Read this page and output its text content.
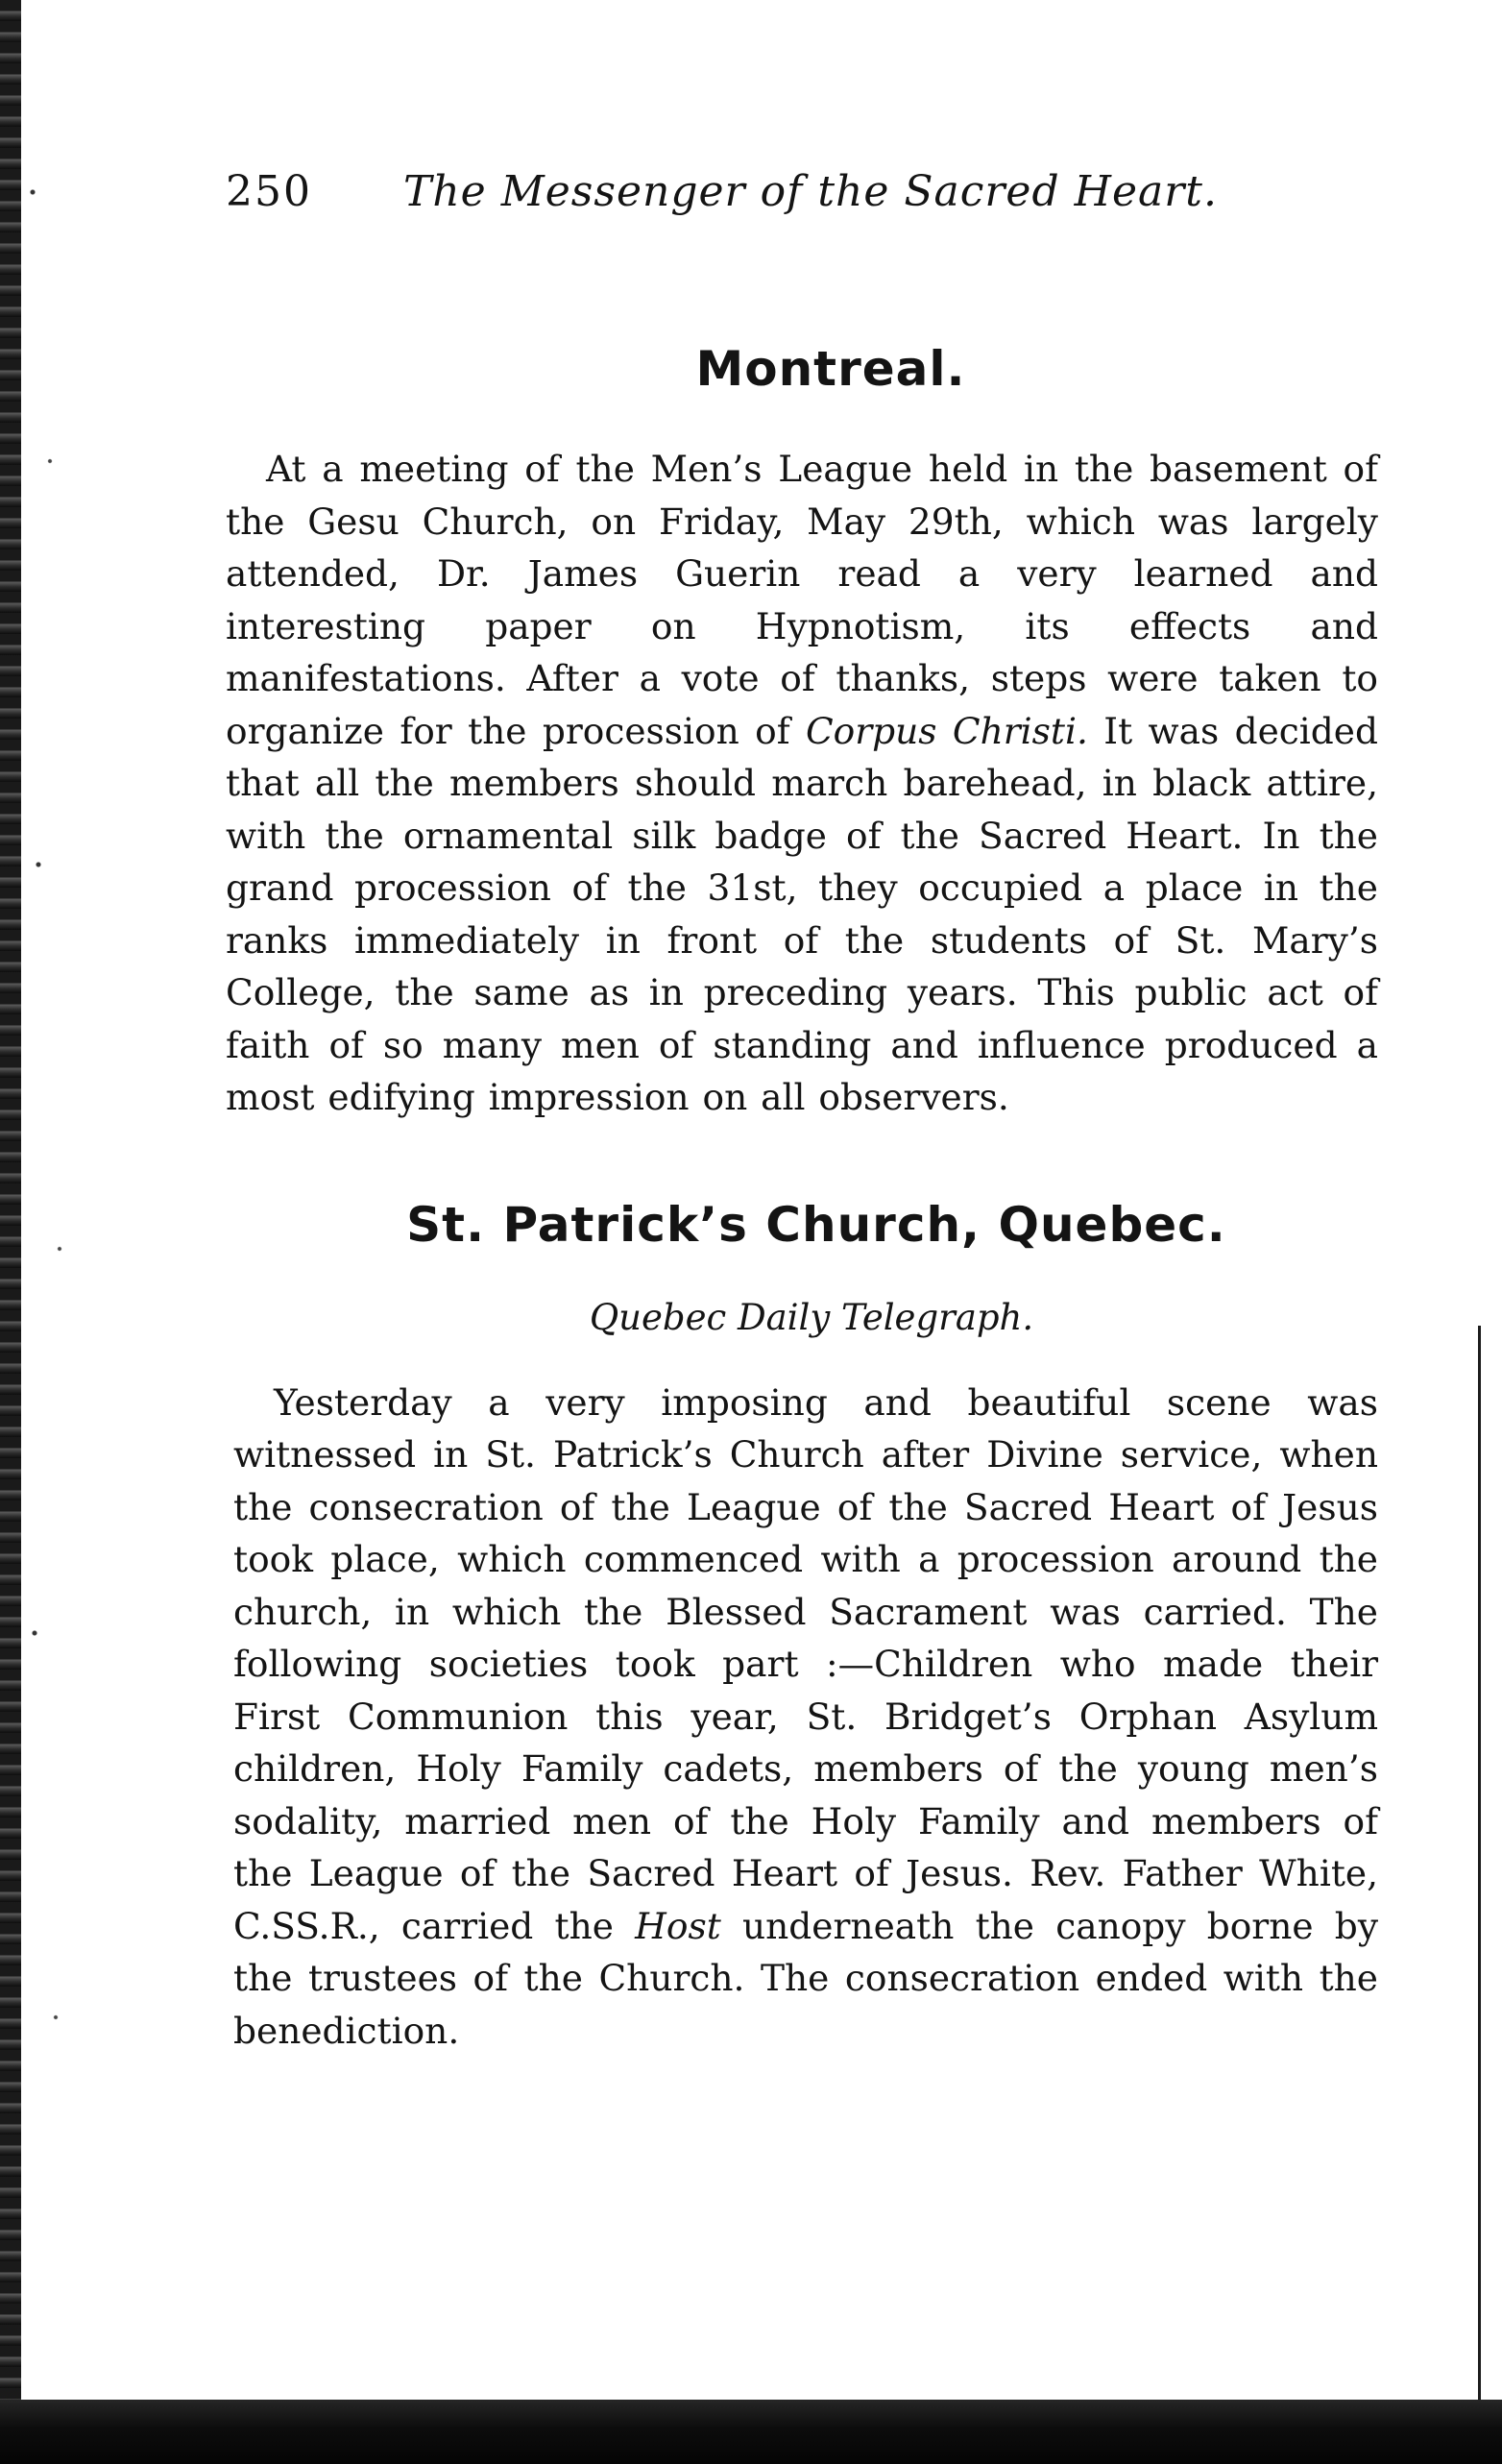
250 The Messenger of the Sacred Heart.
Montreal.

At a meeting of the Men’s League held in the basement of the Gesu Church, on Friday, May 29th, which was largely attended, Dr. James Guerin read a very learned and interesting paper on Hypnotism, its effects and manifestations. After a vote of thanks, steps were taken to organize for the procession of Corpus Christi. It was decided that all the members should march barehead, in black attire, with the ornamental silk badge of the Sacred Heart. In the grand procession of the 31st, they occupied a place in the ranks immediately in front of the students of St. Mary’s College, the same as in preceding years. This public act of faith of so many men of standing and influence produced a most edifying impression on all observers.

St. Patrick’s Church, Quebec.

Quebec Daily Telegraph.

Yesterday a very imposing and beautiful scene was witnessed in St. Patrick’s Church after Divine service, when the consecration of the League of the Sacred Heart of Jesus took place, which commenced with a procession around the church, in which the Blessed Sacrament was carried. The following societies took part :—Children who made their First Communion this year, St. Bridget’s Orphan Asylum children, Holy Family cadets, members of the young men’s sodality, married men of the Holy Family and members of the League of the Sacred Heart of Jesus. Rev. Father White, C.SS.R., carried the Host underneath the canopy borne by the trustees of the Church. The consecration ended with the benediction.
